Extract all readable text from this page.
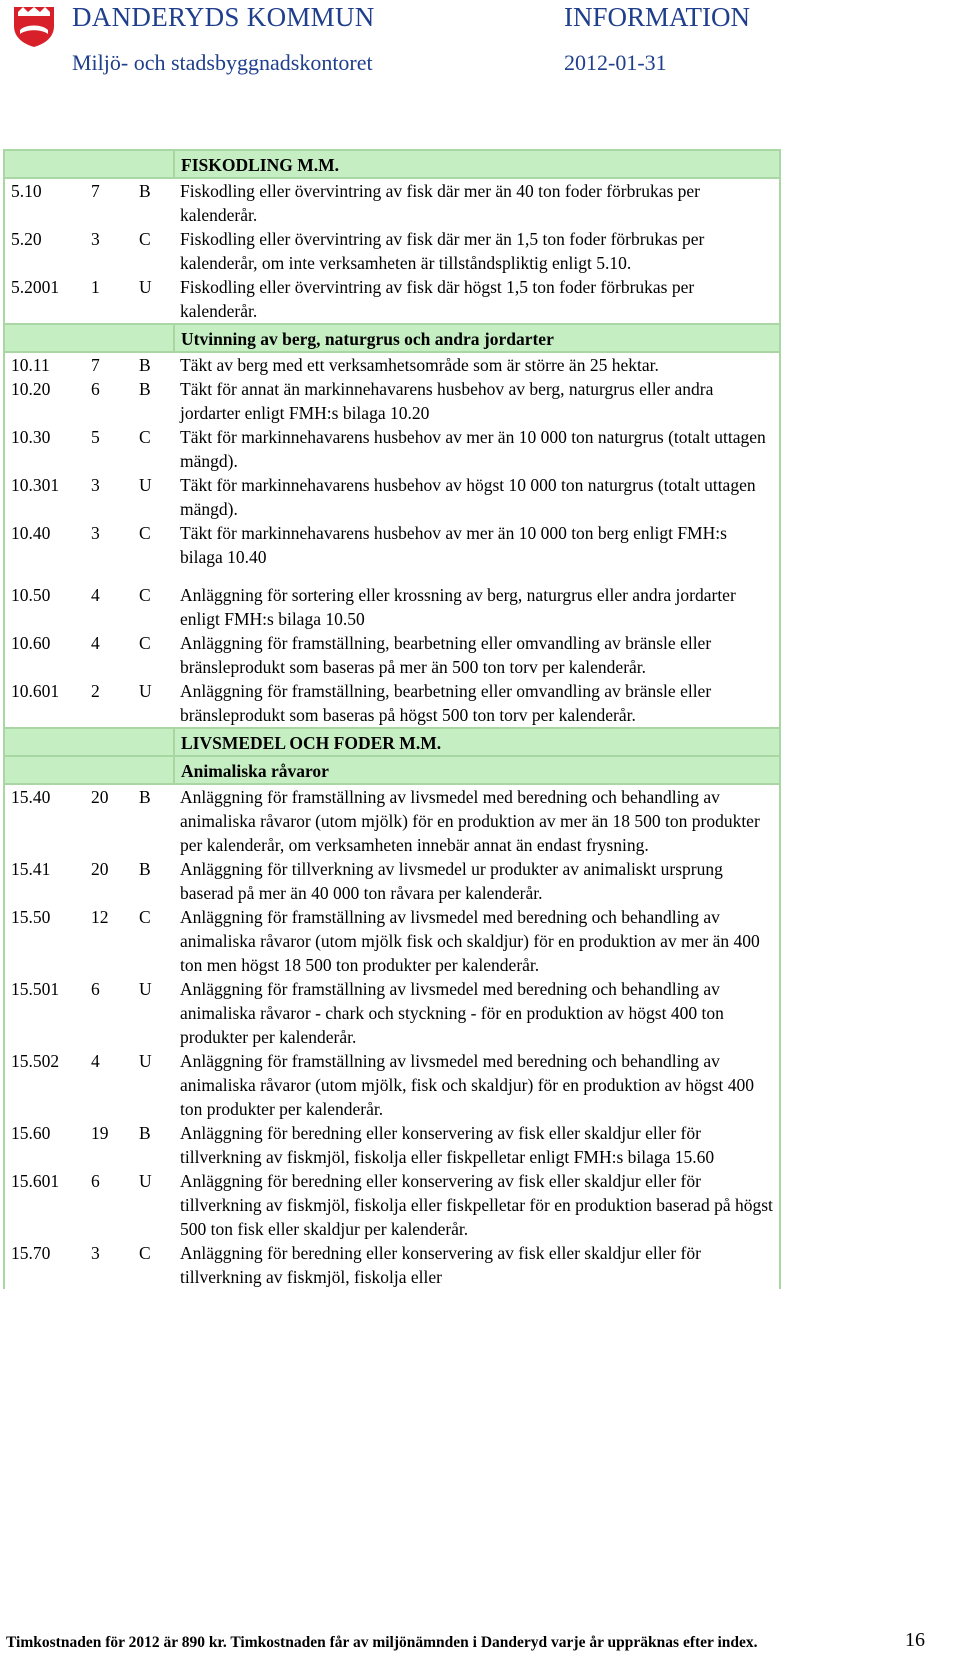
DANDERYDS KOMMUN
Miljö- och stadsbyggnadskontoret
INFORMATION
2012-01-31
			FISKODLING M.M.
5.10	7	B	Fiskodling eller övervintring av fisk där mer än 40 ton foder förbrukas per kalenderår.
5.20	3	C	Fiskodling eller övervintring av fisk där mer än 1,5 ton foder förbrukas per kalenderår, om inte verksamheten är tillståndspliktig enligt 5.10.
5.2001	1	U	Fiskodling eller övervintring av fisk där högst 1,5 ton foder förbrukas per kalenderår.
			Utvinning av berg, naturgrus och andra jordarter
10.11	7	B	Täkt av berg med ett verksamhetsområde som är större än 25 hektar.
10.20	6	B	Täkt för annat än markinnehavarens husbehov av berg, naturgrus eller andra jordarter enligt FMH:s bilaga 10.20
10.30	5	C	Täkt för markinnehavarens husbehov av mer än 10 000 ton naturgrus (totalt uttagen mängd).
10.301	3	U	Täkt för markinnehavarens husbehov av högst 10 000 ton naturgrus (totalt uttagen mängd).
10.40	3	C	Täkt för markinnehavarens husbehov av mer än 10 000 ton berg enligt FMH:s bilaga 10.40

10.50	4	C	Anläggning för sortering eller krossning av berg, naturgrus eller andra jordarter enligt FMH:s bilaga 10.50
10.60	4	C	Anläggning för framställning, bearbetning eller omvandling av bränsle eller bränsleprodukt som baseras på mer än 500 ton torv per kalenderår.
10.601	2	U	Anläggning för framställning, bearbetning eller omvandling av bränsle eller bränsleprodukt som baseras på högst 500 ton torv per kalenderår.
			LIVSMEDEL OCH FODER M.M.
			Animaliska råvaror
15.40	20	B	Anläggning för framställning av livsmedel med beredning och behandling av animaliska råvaror (utom mjölk) för en produktion av mer än 18 500 ton produkter per kalenderår, om verksamheten innebär annat än endast frysning.
15.41	20	B	Anläggning för tillverkning av livsmedel ur produkter av animaliskt ursprung baserad på mer än 40 000 ton råvara per kalenderår.
15.50	12	C	Anläggning för framställning av livsmedel med beredning och behandling av animaliska råvaror (utom mjölk fisk och skaldjur) för en produktion av mer än 400 ton men högst 18 500 ton produkter per kalenderår.
15.501	6	U	Anläggning för framställning av livsmedel med beredning och behandling av animaliska råvaror - chark och styckning - för en produktion av högst 400 ton produkter per kalenderår.
15.502	4	U	Anläggning för framställning av livsmedel med beredning och behandling av animaliska råvaror (utom mjölk, fisk och skaldjur) för en produktion av högst 400 ton produkter per kalenderår.
15.60	19	B	Anläggning för beredning eller konservering av fisk eller skaldjur eller för tillverkning av fiskmjöl, fiskolja eller fiskpelletar enligt FMH:s bilaga 15.60
15.601	6	U	Anläggning för beredning eller konservering av fisk eller skaldjur eller för tillverkning av fiskmjöl, fiskolja eller fiskpelletar för en produktion baserad på högst 500 ton fisk eller skaldjur per kalenderår.
15.70	3	C	Anläggning för beredning eller konservering av fisk eller skaldjur eller för tillverkning av fiskmjöl, fiskolja eller
Timkostnaden för 2012 är 890 kr. Timkostnaden får av miljönämnden i Danderyd varje år uppräknas efter index.	16
